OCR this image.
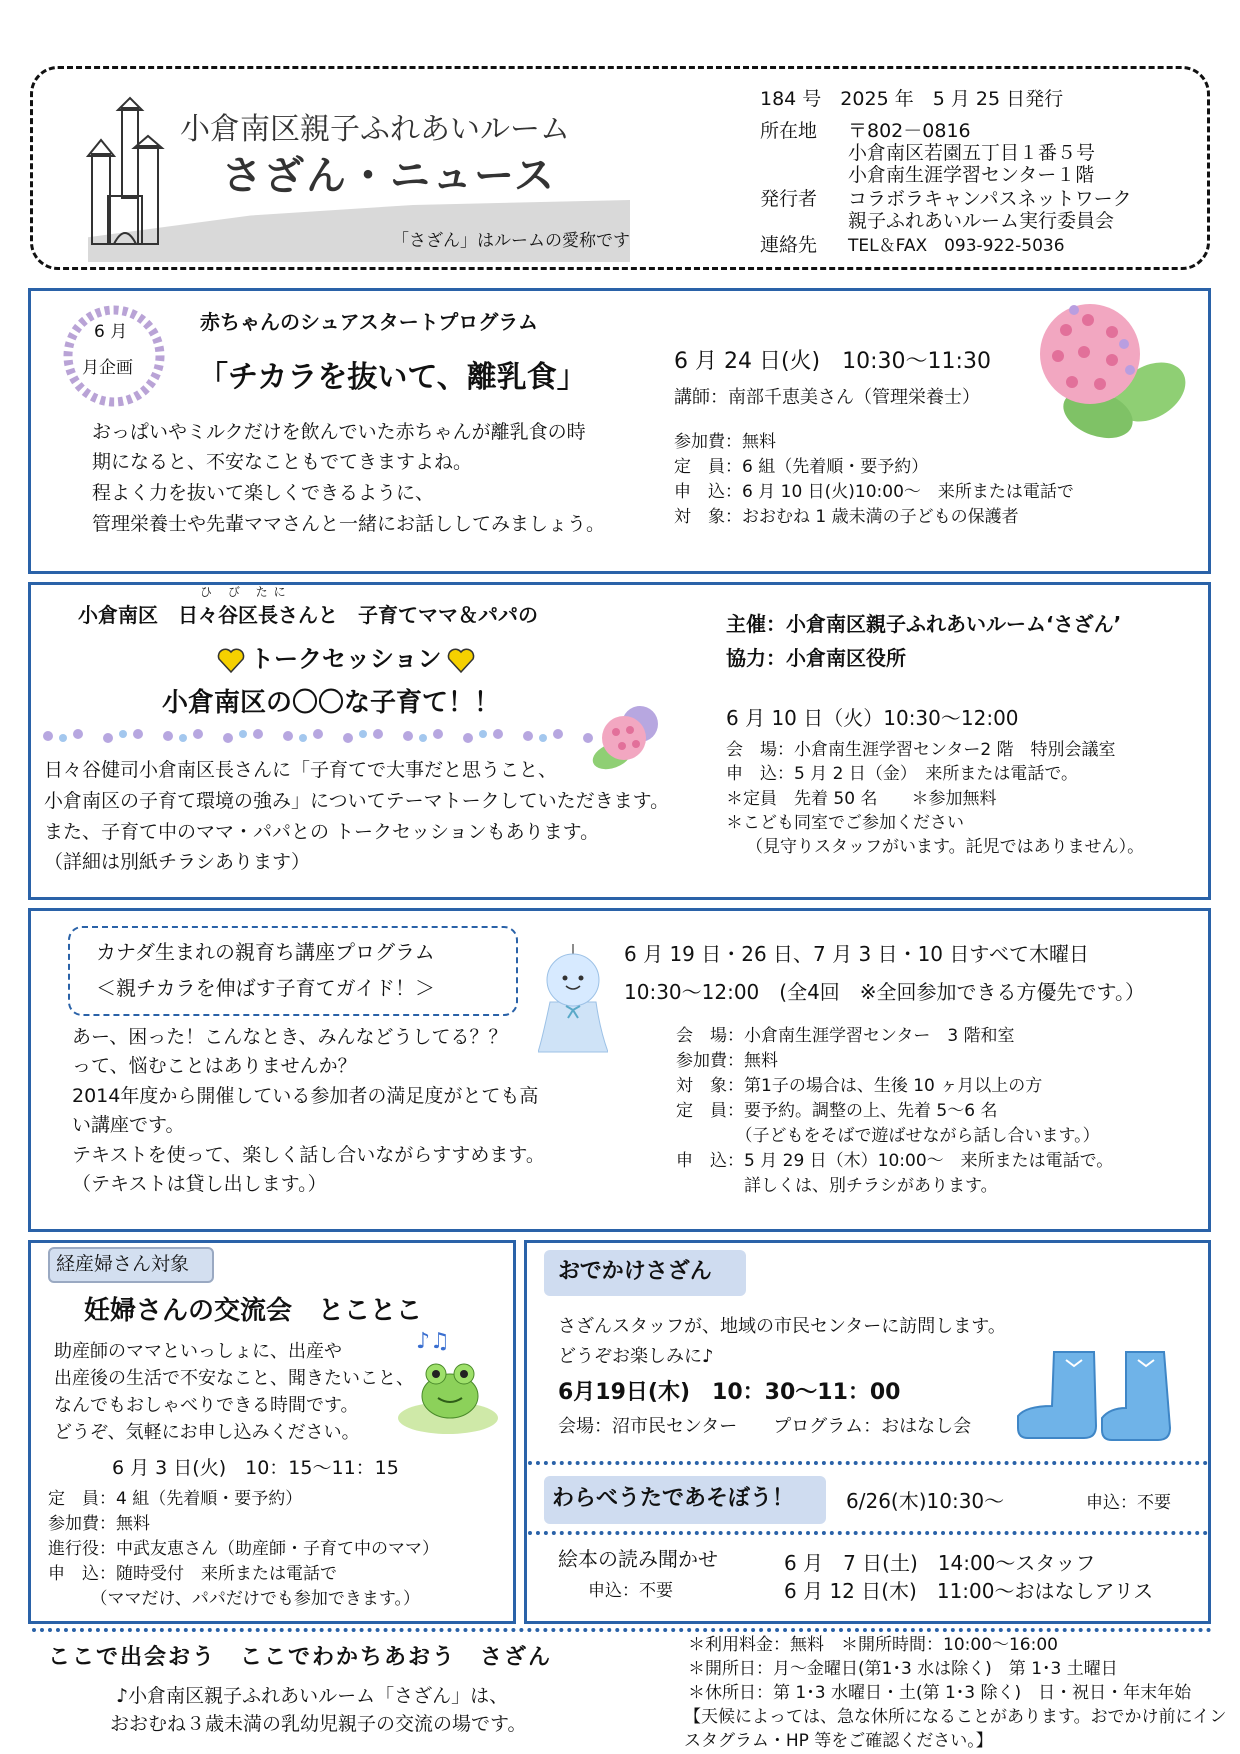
小倉南区親子ふれあいルーム
さざん・ニュース
「さざん」はルームの愛称です
184 号　2025 年　5 月 25 日発行
所在地 〒802－0816
小倉南区若園五丁目１番５号
小倉南生涯学習センター１階
発行者 コラボラキャンパスネットワーク
親子ふれあいルーム実行委員会
連絡先 TEL＆FAX　093-922-5036
6 月
月企画
赤ちゃんのシュアスタートプログラム
「チカラを抜いて、離乳食」
おっぱいやミルクだけを飲んでいた赤ちゃんが離乳食の時
期になると、不安なこともでてきますよね。
程よく力を抜いて楽しくできるように、
管理栄養士や先輩ママさんと一緒にお話ししてみましょう。
6 月 24 日(火)　10:30～11:30
講師：南部千恵美さん（管理栄養士）
参加費：無料
定　員：6 組（先着順・要予約）
申　込：6 月 10 日(火)10:00～　来所または電話で
対　象：おおむね 1 歳未満の子どもの保護者
ひ び たに
小倉南区　日々谷区長さんと　子育てママ＆パパの
トークセッション
小倉南区の〇〇な子育て！！
主催：小倉南区親子ふれあいルーム‘さざん’
協力：小倉南区役所
6 月 10 日（火）10:30～12:00
会　場：小倉南生涯学習センター2 階　特別会議室
申　込：5 月 2 日（金）　来所または電話で。
＊定員　先着 50 名　　＊参加無料
＊こども同室でご参加ください
（見守りスタッフがいます。託児ではありません）。
日々谷健司小倉南区長さんに「子育てで大事だと思うこと、
小倉南区の子育て環境の強み」についてテーマトークしていただきます。
また、子育て中のママ・パパとの トークセッションもあります。
（詳細は別紙チラシあります）
カナダ生まれの親育ち講座プログラム
＜親チカラを伸ばす子育てガイド！＞
6 月 19 日・26 日、7 月 3 日・10 日すべて木曜日
10:30～12:00　(全4回　※全回参加できる方優先です。）
あー、困った！こんなとき、みんなどうしてる？？
って、悩むことはありませんか？
2014年度から開催している参加者の満足度がとても高
い講座です。
テキストを使って、楽しく話し合いながらすすめます。
（テキストは貸し出します。）
会　場：小倉南生涯学習センター　3 階和室
参加費：無料
対　象：第1子の場合は、生後 10 ヶ月以上の方
定　員：要予約。調整の上、先着 5～6 名
　　　　（子どもをそばで遊ばせながら話し合います。）
申　込：5 月 29 日（木）10:00～　来所または電話で。
　　　　詳しくは、別チラシがあります。
経産婦さん対象
妊婦さんの交流会　とことこ
助産師のママといっしょに、出産や
出産後の生活で不安なこと、聞きたいこと、
なんでもおしゃべりできる時間です。
どうぞ、気軽にお申し込みください。
♪♫
6 月 3 日(火)　10：15～11：15
定　員：4 組（先着順・要予約）
参加費：無料
進行役：中武友恵さん（助産師・子育て中のママ）
申　込：随時受付　来所または電話で
　　　（ママだけ、パパだけでも参加できます。）
おでかけさざん
さざんスタッフが、地域の市民センターに訪問します。
どうぞお楽しみに♪
6月19日(木)　10：30～11：00
会場：沼市民センター　　プログラム：おはなし会
わらべうたであそぼう！	6/26(木)10:30～	申込：不要
絵本の読み聞かせ
申込：不要
6 月　7 日(土)　14:00～スタッフ
6 月 12 日(木)　11:00～おはなしアリス
ここで出会おう　ここでわかちあおう　さざん
♪小倉南区親子ふれあいルーム「さざん」は、
おおむね３歳未満の乳幼児親子の交流の場です。
＊利用料金：無料　＊開所時間：10:00～16:00
＊開所日：月～金曜日(第1･3 水は除く)　第 1･3 土曜日
＊休所日：第 1･3 水曜日・土(第 1･3 除く)　日・祝日・年末年始
【天候によっては、急な休所になることがあります。おでかけ前にイン
スタグラム・HP 等をご確認ください。】
